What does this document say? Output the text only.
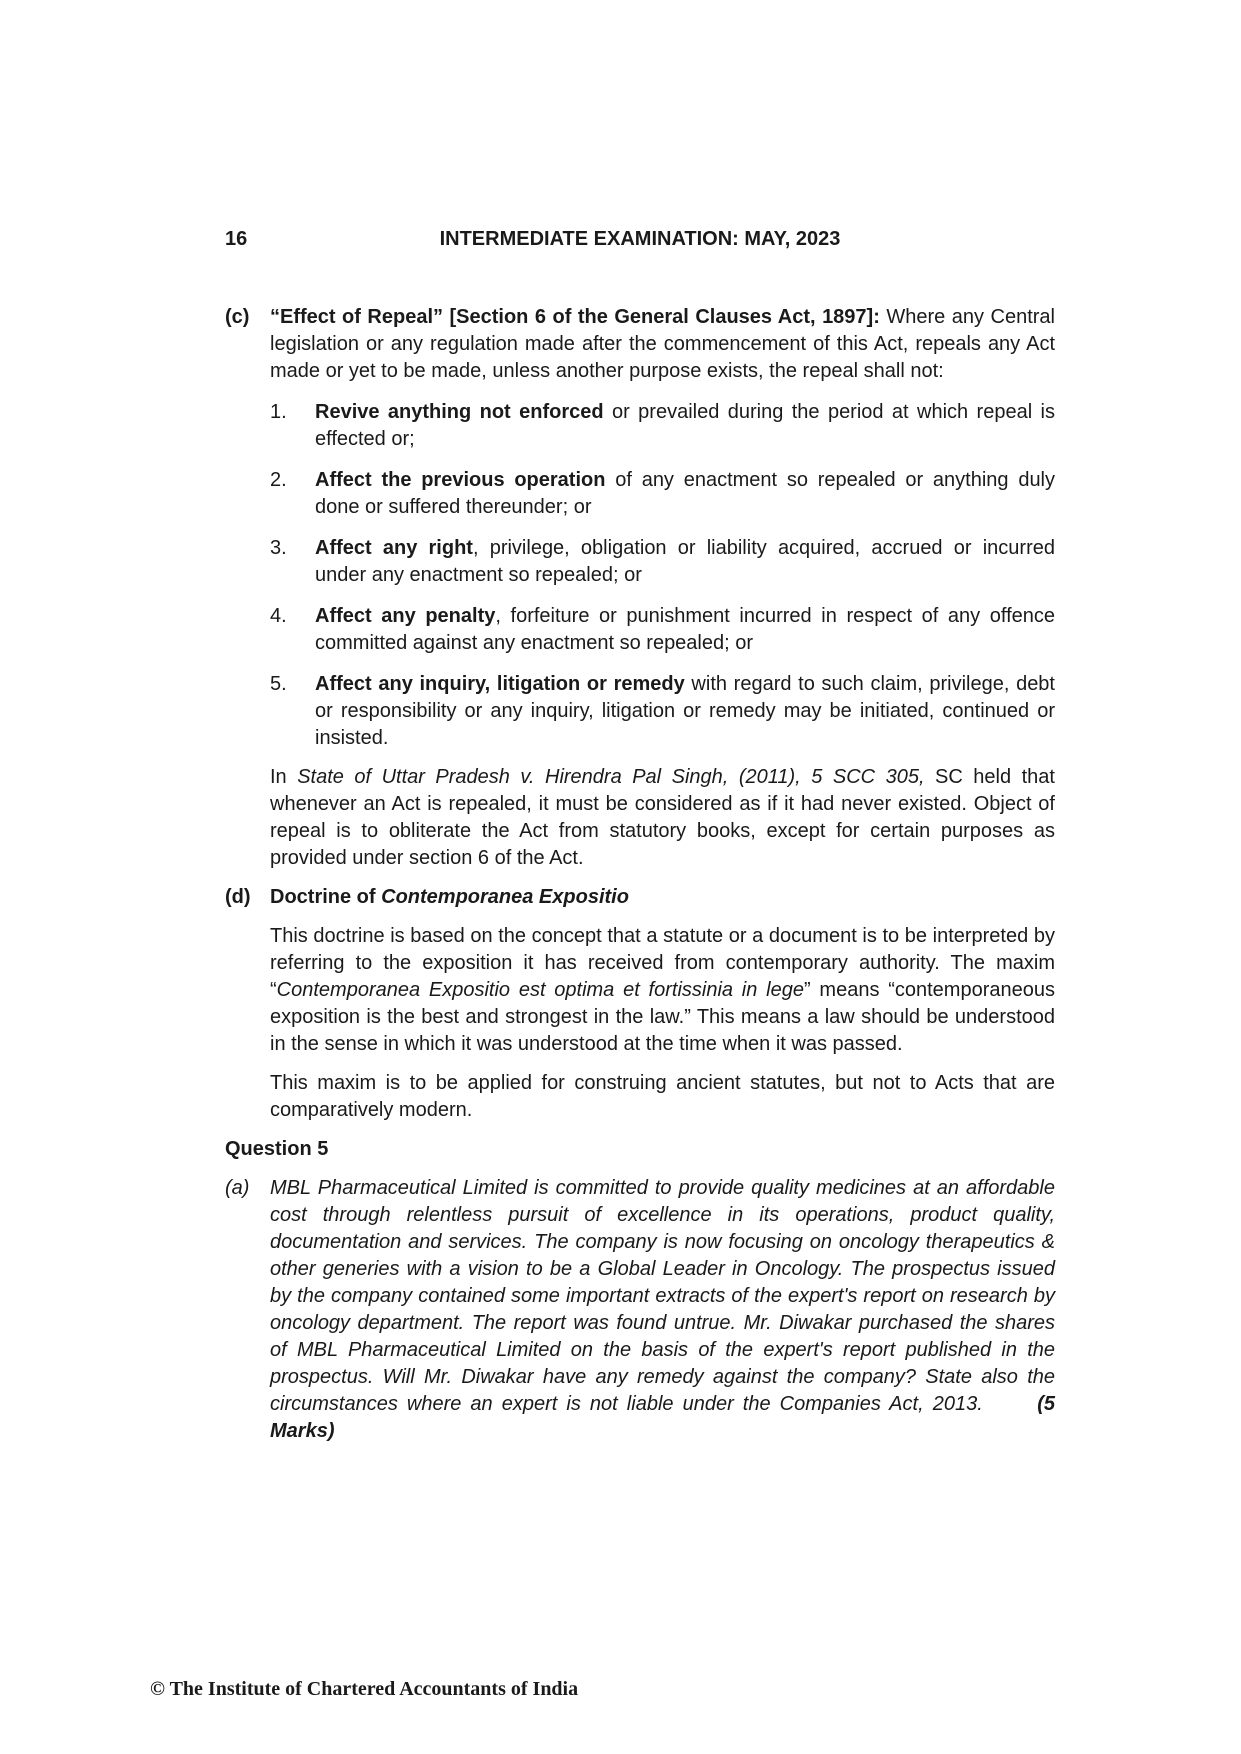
16	INTERMEDIATE EXAMINATION: MAY, 2023
(c)	“Effect of Repeal” [Section 6 of the General Clauses Act, 1897]: Where any Central legislation or any regulation made after the commencement of this Act, repeals any Act made or yet to be made, unless another purpose exists, the repeal shall not:
1.	Revive anything not enforced or prevailed during the period at which repeal is effected or;
2.	Affect the previous operation of any enactment so repealed or anything duly done or suffered thereunder; or
3.	Affect any right, privilege, obligation or liability acquired, accrued or incurred under any enactment so repealed; or
4.	Affect any penalty, forfeiture or punishment incurred in respect of any offence committed against any enactment so repealed; or
5.	Affect any inquiry, litigation or remedy with regard to such claim, privilege, debt or responsibility or any inquiry, litigation or remedy may be initiated, continued or insisted.
In State of Uttar Pradesh v. Hirendra Pal Singh, (2011), 5 SCC 305, SC held that whenever an Act is repealed, it must be considered as if it had never existed. Object of repeal is to obliterate the Act from statutory books, except for certain purposes as provided under section 6 of the Act.
(d) Doctrine of Contemporanea Expositio
This doctrine is based on the concept that a statute or a document is to be interpreted by referring to the exposition it has received from contemporary authority. The maxim “Contemporanea Expositio est optima et fortissinia in lege” means “contemporaneous exposition is the best and strongest in the law.” This means a law should be understood in the sense in which it was understood at the time when it was passed.
This maxim is to be applied for construing ancient statutes, but not to Acts that are comparatively modern.
Question 5
(a)	MBL Pharmaceutical Limited is committed to provide quality medicines at an affordable cost through relentless pursuit of excellence in its operations, product quality, documentation and services. The company is now focusing on oncology therapeutics & other generies with a vision to be a Global Leader in Oncology. The prospectus issued by the company contained some important extracts of the expert's report on research by oncology department. The report was found untrue. Mr. Diwakar purchased the shares of MBL Pharmaceutical Limited on the basis of the expert's report published in the prospectus. Will Mr. Diwakar have any remedy against the company? State also the circumstances where an expert is not liable under the Companies Act, 2013.	(5 Marks)
© The Institute of Chartered Accountants of India
